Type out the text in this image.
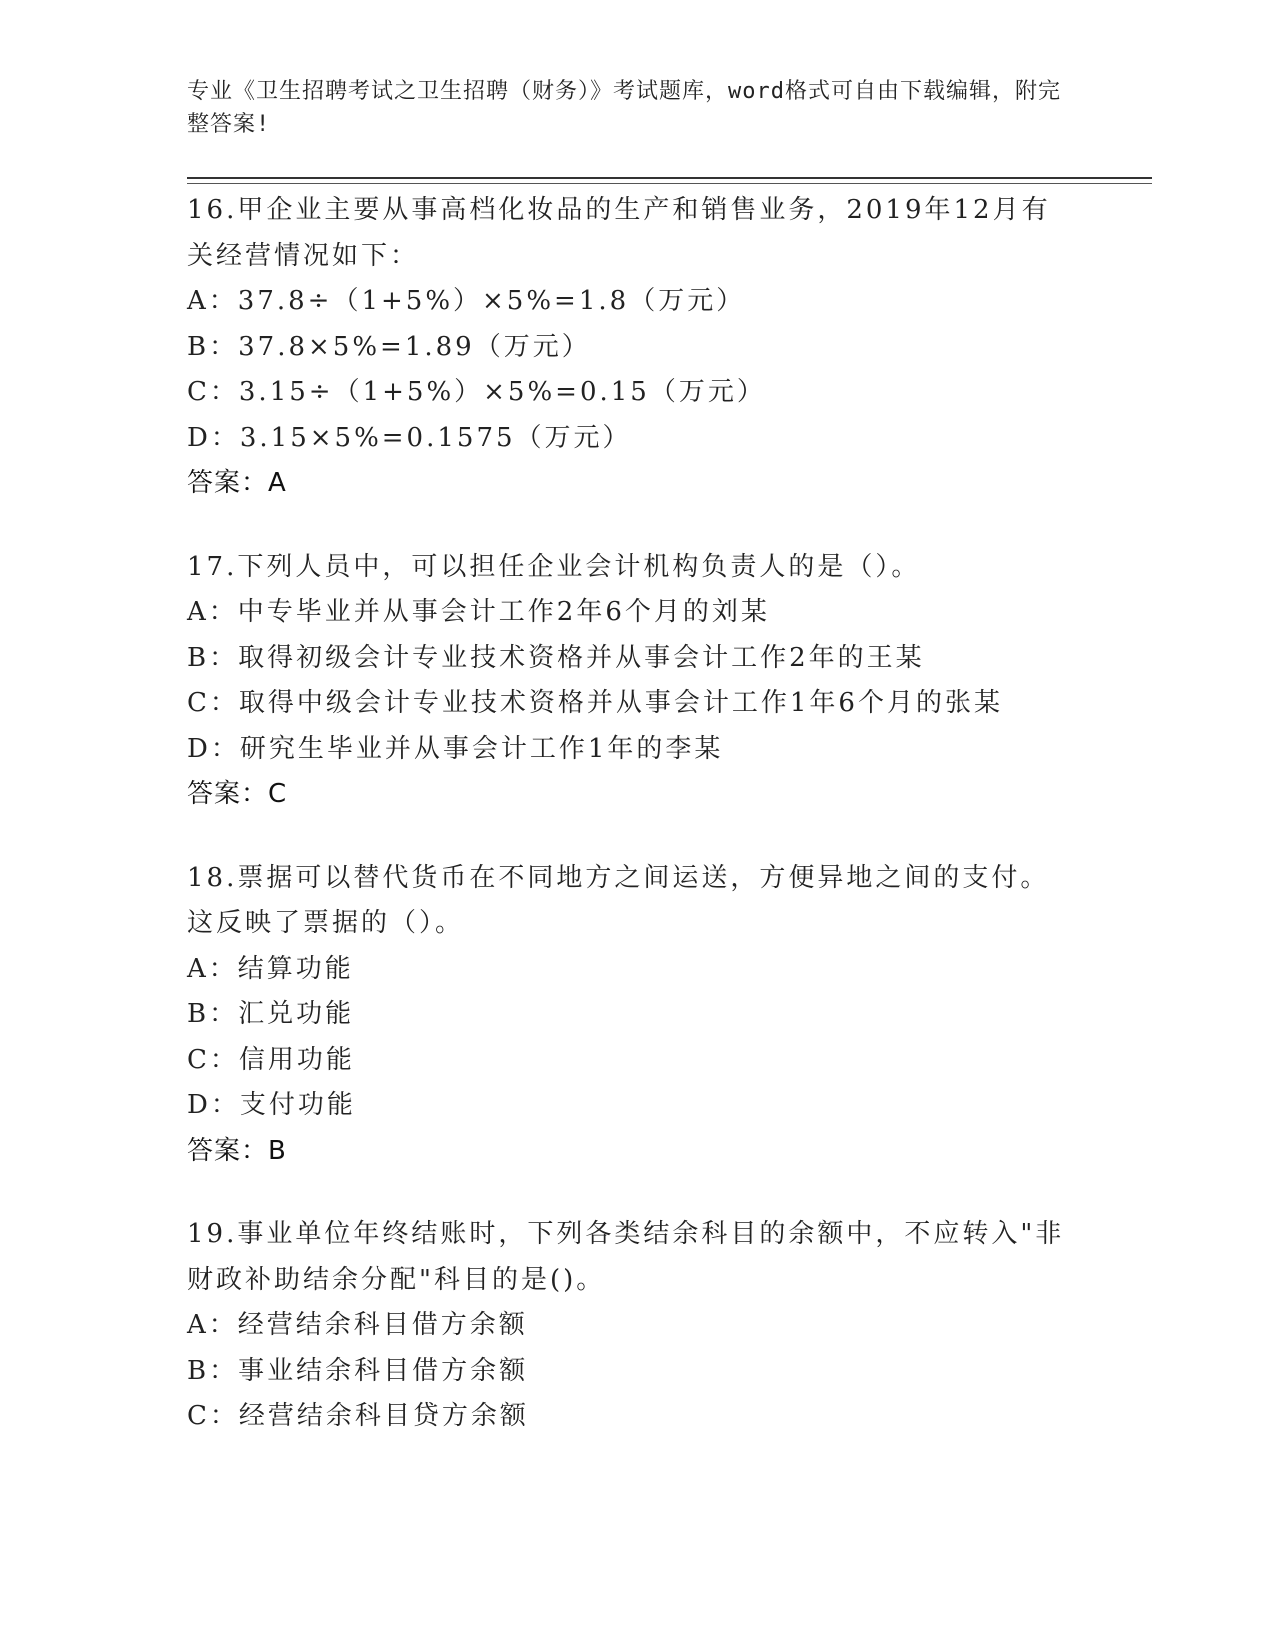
专业《卫生招聘考试之卫生招聘（财务）》考试题库，word格式可自由下载编辑，附完整答案!
16.甲企业主要从事高档化妆品的生产和销售业务，2019年12月有关经营情况如下：
A：37.8÷（1+5%）×5%=1.8（万元）
B：37.8×5%=1.89（万元）
C：3.15÷（1+5%）×5%=0.15（万元）
D：3.15×5%=0.1575（万元）
答案：A
17.下列人员中，可以担任企业会计机构负责人的是（）。
A：中专毕业并从事会计工作2年6个月的刘某
B：取得初级会计专业技术资格并从事会计工作2年的王某
C：取得中级会计专业技术资格并从事会计工作1年6个月的张某
D：研究生毕业并从事会计工作1年的李某
答案：C
18.票据可以替代货币在不同地方之间运送，方便异地之间的支付。这反映了票据的（）。
A：结算功能
B：汇兑功能
C：信用功能
D：支付功能
答案：B
19.事业单位年终结账时，下列各类结余科目的余额中，不应转入"非财政补助结余分配"科目的是()。
A：经营结余科目借方余额
B：事业结余科目借方余额
C：经营结余科目贷方余额
